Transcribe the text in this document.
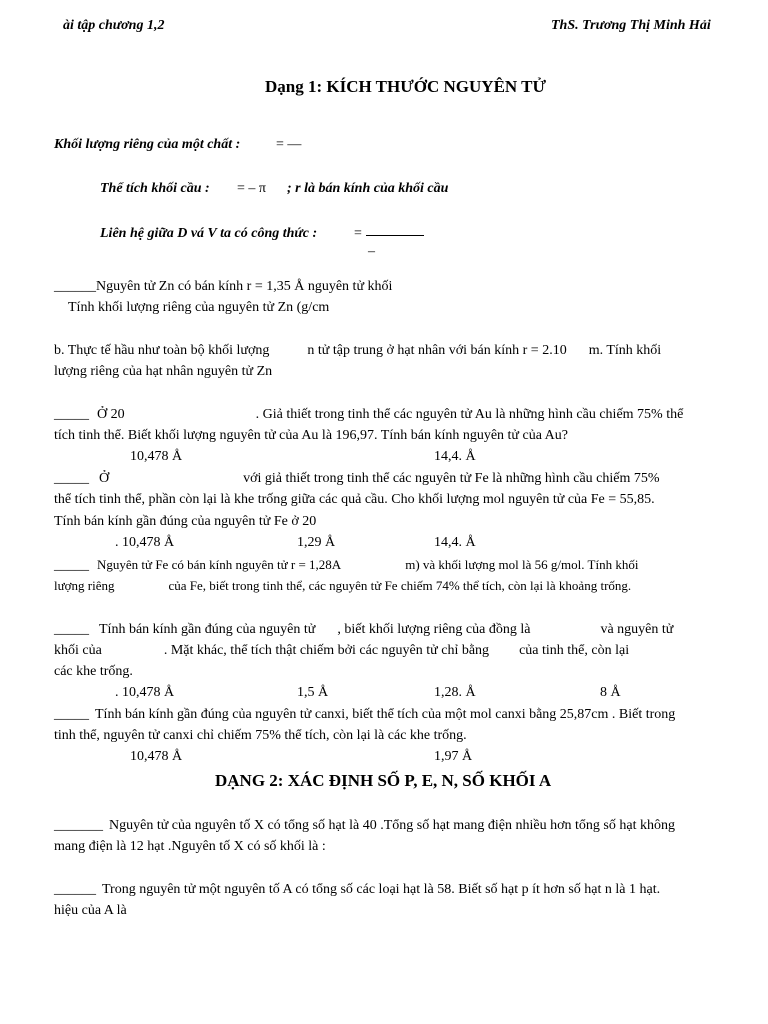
ài tập chương 1,2	ThS. Trương Thị Minh Hải
Dạng 1: KÍCH THƯỚC NGUYÊN TỬ
Khối lượng riêng của một chất :	= —
Thể tích khối cầu : = – π ; r là bán kính của khối cầu
Liên hệ giữa D vá V ta có công thức :	=
–
______Nguyên tử Zn có bán kính r = 1,35 Å nguyên tử khối
Tính khối lượng riêng của nguyên tử Zn (g/cm
b. Thực tế hầu như toàn bộ khối lượng	n tử tập trung ở hạt nhân với bán kính r = 2.10 m. Tính khối
lượng riêng của hạt nhân nguyên tử Zn
_____ Ở 20	. Giả thiết trong tinh thể các nguyên tử Au là những hình cầu chiếm 75% thể
tích tinh thể. Biết khối lượng nguyên tử của Au là 196,97. Tính bán kính nguyên tử của Au?
10,478 Å	14,4. Å
_____ Ở	với giả thiết trong tinh thể các nguyên tử Fe là những hình cầu chiếm 75%
thể tích tinh thể, phần còn lại là khe trống giữa các quả cầu. Cho khối lượng mol nguyên tử của Fe = 55,85.
Tính bán kính gần đúng của nguyên tử Fe ở 20
. 10,478 Å	1,29 Å	14,4. Å
_____ Nguyên tử Fe có bán kính nguyên tử r = 1,28A	m) và khối lượng mol là 56 g/mol. Tính khối
lượng riêng	của Fe, biết trong tinh thể, các nguyên tử Fe chiếm 74% thể tích, còn lại là khoảng trống.
_____ Tính bán kính gần đúng của nguyên tử , biết khối lượng riêng của đồng là	và nguyên tử
khối của	. Mặt khác, thể tích thật chiếm bởi các nguyên tử chỉ bằng của tinh thể, còn lại
các khe trống.
. 10,478 Å	1,5 Å	1,28. Å	8 Å
_____ Tính bán kính gần đúng của nguyên tử canxi, biết thể tích của một mol canxi bằng 25,87cm . Biết trong
tinh thể, nguyên tử canxi chỉ chiếm 75% thể tích, còn lại là các khe trống.
10,478 Å	1,97 Å
DẠNG 2: XÁC ĐỊNH SỐ P, E, N, SỐ KHỐI A
_______ Nguyên tử của nguyên tố X có tổng số hạt là 40 .Tổng số hạt mang điện nhiều hơn tổng số hạt không
mang điện là 12 hạt .Nguyên tố X có số khối là :
______ Trong nguyên tử một nguyên tố A có tổng số các loại hạt là 58. Biết số hạt p ít hơn số hạt n là 1 hạt.
hiệu của A là
